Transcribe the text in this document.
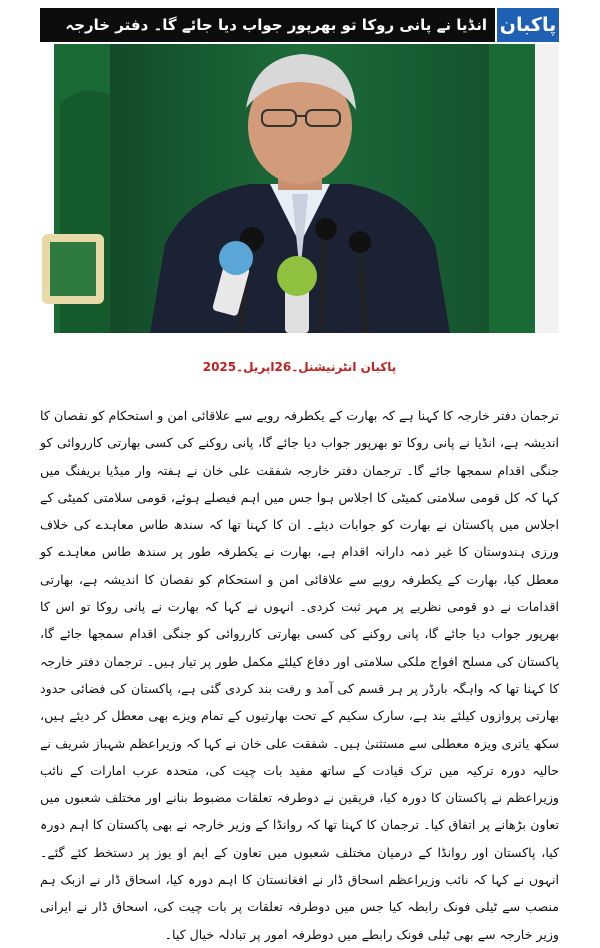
انڈیا نے پانی روکا تو بھرپور جواب دیا جائے گا۔ دفتر خارجہ پاکبان
پاکبان انٹرنیشنل۔26اپریل۔2025
ترجمان دفتر خارجہ کا کہنا ہے کہ بھارت کے یکطرفہ رویے سے علاقائی امن و استحکام کو نقصان کا اندیشہ ہے، انڈیا نے پانی روکا تو بھرپور جواب دیا جائے گا، پانی روکنے کی کسی بھارتی کارروائی کو جنگی اقدام سمجھا جائے گا۔ ترجمان دفتر خارجہ شفقت علی خان نے ہفتہ وار میڈیا بریفنگ میں کہا کہ کل قومی سلامتی کمیٹی کا اجلاس ہوا جس میں اہم فیصلے ہوئے، قومی سلامتی کمیٹی کے اجلاس میں پاکستان نے بھارت کو جوابات دیئے۔ ان کا کہنا تھا کہ سندھ طاس معاہدے کی خلاف ورزی ہندوستان کا غیر ذمہ دارانہ اقدام ہے، بھارت نے یکطرفہ طور پر سندھ طاس معاہدے کو معطل کیا، بھارت کے یکطرفہ رویے سے علاقائی امن و استحکام کو نقصان کا اندیشہ ہے، بھارتی اقدامات نے دو قومی نظریے پر مہر ثبت کردی۔ انہوں نے کہا کہ بھارت نے پانی روکا تو اس کا بھرپور جواب دیا جائے گا، پانی روکنے کی کسی بھارتی کارروائی کو جنگی اقدام سمجھا جائے گا، پاکستان کی مسلح افواج ملکی سلامتی اور دفاع کیلئے مکمل طور پر تیار ہیں۔ ترجمان دفتر خارجہ کا کہنا تھا کہ واہگہ بارڈر پر ہر قسم کی آمد و رفت بند کردی گئی ہے، پاکستان کی فضائی حدود بھارتی پروازوں کیلئے بند ہے، سارک سکیم کے تحت بھارتیوں کے تمام ویزے بھی معطل کر دیئے ہیں، سکھ یاتری ویزہ معطلی سے مستثنیٰ ہیں۔ شفقت علی خان نے کہا کہ وزیراعظم شہباز شریف نے حالیہ دورہ ترکیہ میں ترک قیادت کے ساتھ مفید بات چیت کی، متحدہ عرب امارات کے نائب وزیراعظم نے پاکستان کا دورہ کیا، فریقین نے دوطرفہ تعلقات مضبوط بنانے اور مختلف شعبوں میں تعاون بڑھانے پر اتفاق کیا۔ ترجمان کا کہنا تھا کہ روانڈا کے وزیر خارجہ نے بھی پاکستان کا اہم دورہ کیا، پاکستان اور روانڈا کے درمیان مختلف شعبوں میں تعاون کے ایم او یوز پر دستخط کئے گئے۔ انہوں نے کہا کہ نائب وزیراعظم اسحاق ڈار نے افغانستان کا اہم دورہ کیا، اسحاق ڈار نے ازبک ہم منصب سے ٹیلی فونک رابطہ کیا جس میں دوطرفہ تعلقات پر بات چیت کی، اسحاق ڈار نے ایرانی وزیر خارجہ سے بھی ٹیلی فونک رابطے میں دوطرفہ امور پر تبادلہ خیال کیا۔
